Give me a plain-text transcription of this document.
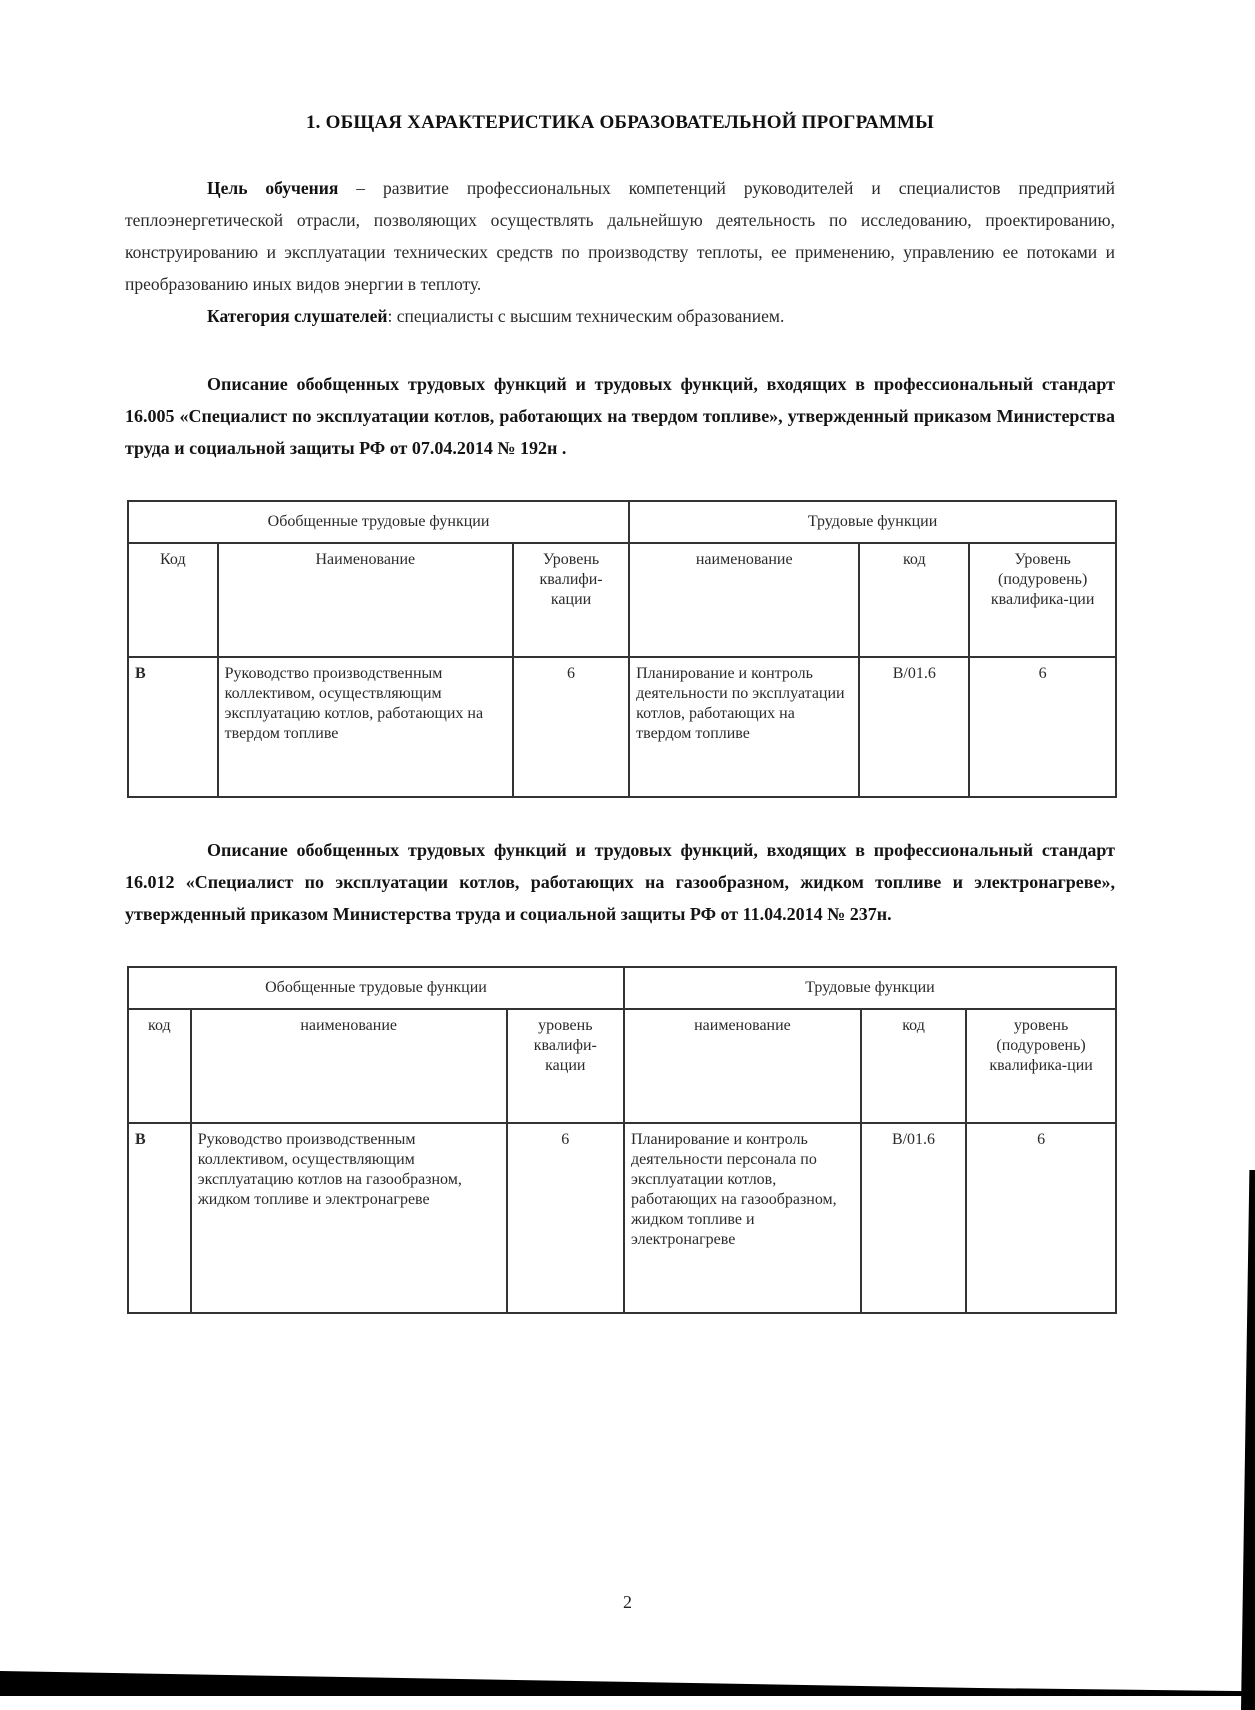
1. ОБЩАЯ ХАРАКТЕРИСТИКА ОБРАЗОВАТЕЛЬНОЙ ПРОГРАММЫ

Цель обучения – развитие профессиональных компетенций руководителей и специалистов предприятий теплоэнергетической отрасли, позволяющих осуществлять дальнейшую деятельность по исследованию, проектированию, конструированию и эксплуатации технических средств по производству теплоты, ее применению, управлению ее потоками и преобразованию иных видов энергии в теплоту.

Категория слушателей: специалисты с высшим техническим образованием.

Описание обобщенных трудовых функций и трудовых функций, входящих в профессиональный стандарт 16.005 «Специалист по эксплуатации котлов, работающих на твердом топливе», утвержденный приказом Министерства труда и социальной защиты РФ от 07.04.2014 № 192н .

Обобщенные трудовые функции			Трудовые функции		
Код	Наименование	Уровень квалифи-кации	наименование	код	Уровень (подуровень) квалифика-ции
В	Руководство производственным коллективом, осуществляющим эксплуатацию котлов, работающих на твердом топливе	6	Планирование и контроль деятельности по эксплуатации котлов, работающих на твердом топливе	В/01.6	6

Описание обобщенных трудовых функций и трудовых функций, входящих в профессиональный стандарт 16.012 «Специалист по эксплуатации котлов, работающих на газообразном, жидком топливе и электронагреве», утвержденный приказом Министерства труда и социальной защиты РФ от 11.04.2014 № 237н.

Обобщенные трудовые функции			Трудовые функции		
код	наименование	уровень квалифи-кации	наименование	код	уровень (подуровень) квалифика-ции
В	Руководство производственным коллективом, осуществляющим эксплуатацию котлов на газообразном, жидком топливе и электронагреве	6	Планирование и контроль деятельности персонала по эксплуатации котлов, работающих на газообразном, жидком топливе и электронагреве	В/01.6	6
2
